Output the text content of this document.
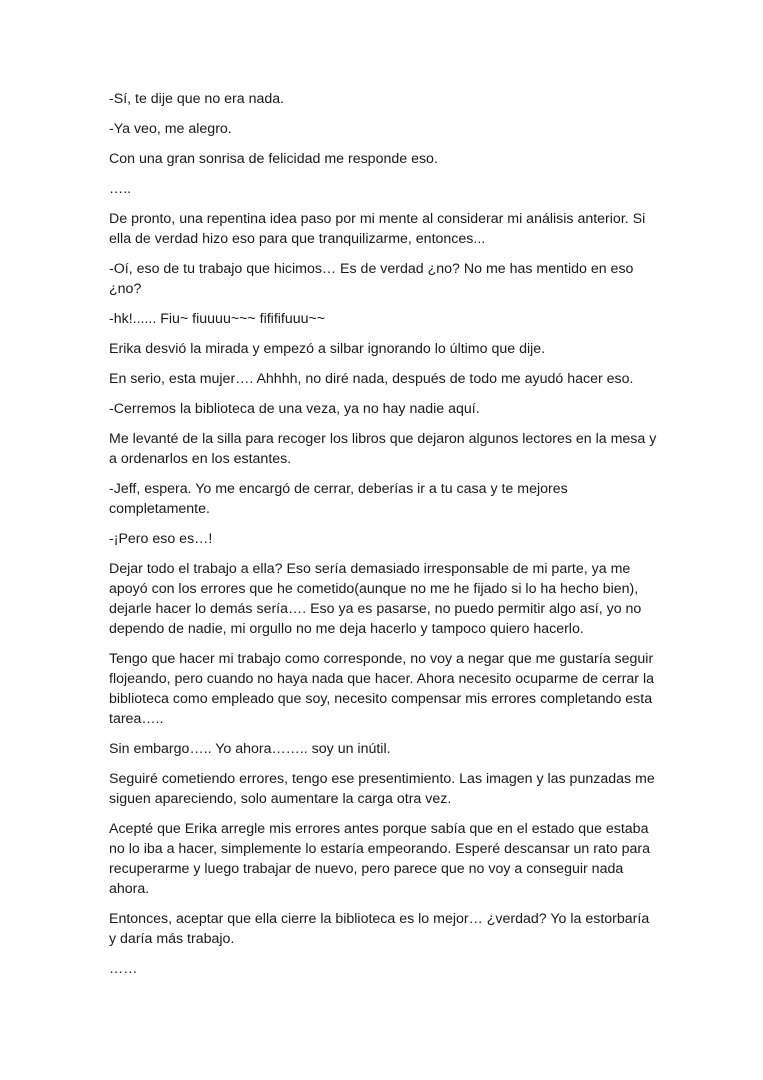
-Sí, te dije que no era nada.

-Ya veo, me alegro.

Con una gran sonrisa de felicidad me responde eso.

…..

De pronto, una repentina idea paso por mi mente al considerar mi análisis anterior. Si ella de verdad hizo eso para que tranquilizarme, entonces...

-Oí, eso de tu trabajo que hicimos… Es de verdad ¿no? No me has mentido en eso ¿no?

-hk!...... Fiu~ fiuuuu~~~ fifififuuu~~

Erika desvió la mirada y empezó a silbar ignorando lo último que dije.

En serio, esta mujer…. Ahhhh, no diré nada, después de todo me ayudó hacer eso.

-Cerremos la biblioteca de una veza, ya no hay nadie aquí.

Me levanté de la silla para recoger los libros que dejaron algunos lectores en la mesa y a ordenarlos en los estantes.

-Jeff, espera. Yo me encargó de cerrar, deberías ir a tu casa y te mejores completamente.

-¡Pero eso es…!

Dejar todo el trabajo a ella? Eso sería demasiado irresponsable de mi parte, ya me apoyó con los errores que he cometido(aunque no me he fijado si lo ha hecho bien), dejarle hacer lo demás sería…. Eso ya es pasarse, no puedo permitir algo así, yo no dependo de nadie, mi orgullo no me deja hacerlo y tampoco quiero hacerlo.

Tengo que hacer mi trabajo como corresponde, no voy a negar que me gustaría seguir flojeando, pero cuando no haya nada que hacer. Ahora necesito ocuparme de cerrar la biblioteca como empleado que soy, necesito compensar mis errores completando esta tarea…..

Sin embargo….. Yo ahora…….. soy un inútil.

Seguiré cometiendo errores, tengo ese presentimiento. Las imagen y las punzadas me siguen apareciendo, solo aumentare la carga otra vez.

Acepté que Erika arregle mis errores antes porque sabía que en el estado que estaba no lo iba a hacer, simplemente lo estaría empeorando. Esperé descansar un rato para recuperarme y luego trabajar de nuevo, pero parece que no voy a conseguir nada ahora.

Entonces, aceptar que ella cierre la biblioteca es lo mejor… ¿verdad? Yo la estorbaría y daría más trabajo.

……
